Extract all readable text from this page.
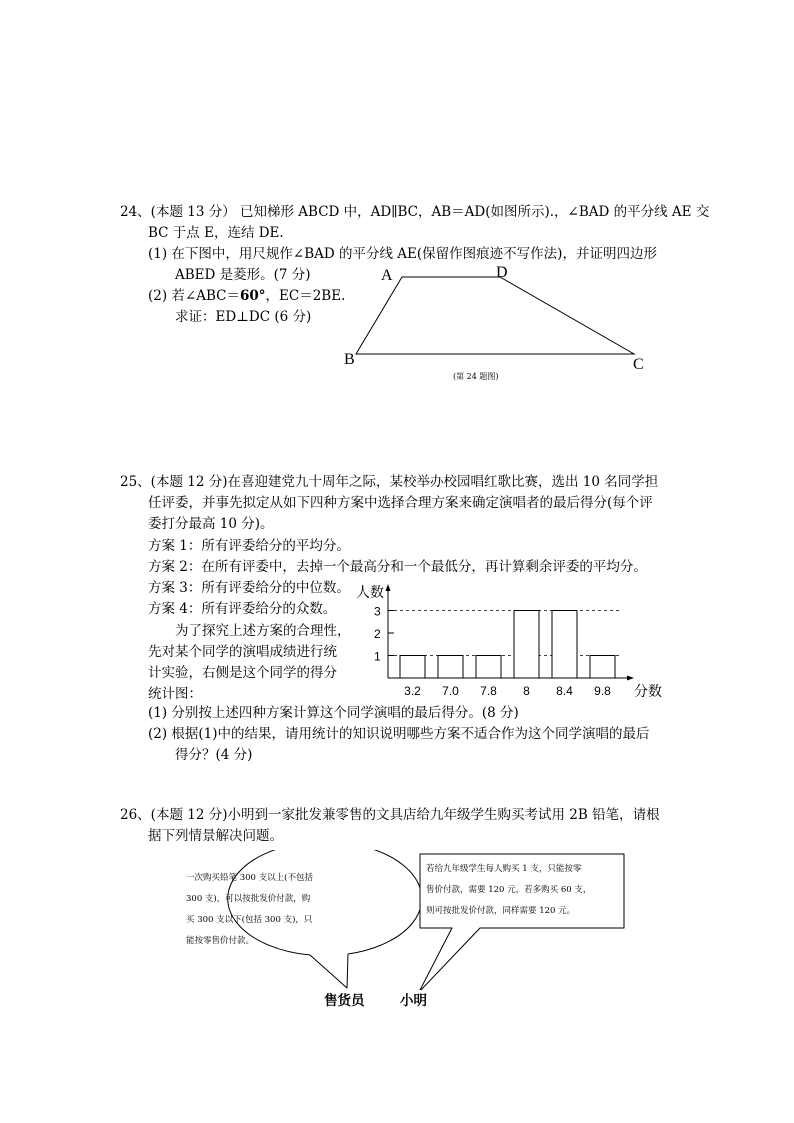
24、(本题 13 分） 已知梯形 ABCD 中，AD∥BC，AB＝AD(如图所示).，∠BAD 的平分线 AE 交
BC 于点 E，连结 DE.
(1) 在下图中，用尺规作∠BAD 的平分线 AE(保留作图痕迹不写作法)，并证明四边形
ABED 是菱形。(7 分)
(2) 若∠ABC＝60°，EC＝2BE.
求证：ED⊥DC (6 分)
A	D
B	C
(第 24 题图)
25、(本题 12 分)在喜迎建党九十周年之际，某校举办校园唱红歌比赛，选出 10 名同学担
任评委，并事先拟定从如下四种方案中选择合理方案来确定演唱者的最后得分(每个评
委打分最高 10 分)。
方案 1：所有评委给分的平均分。
方案 2：在所有评委中，去掉一个最高分和一个最低分，再计算剩余评委的平均分。
方案 3：所有评委给分的中位数。
方案 4：所有评委给分的众数。
为了探究上述方案的合理性，
先对某个同学的演唱成绩进行统
计实验，右侧是这个同学的得分
统计图：
(1) 分别按上述四种方案计算这个同学演唱的最后得分。(8 分)
(2) 根据(1)中的结果，请用统计的知识说明哪些方案不适合作为这个同学演唱的最后
得分？(4 分)
人数
分数
1
2
3
3.2 7.0 7.8 8 8.4 9.8
26、(本题 12 分)小明到一家批发兼零售的文具店给九年级学生购买考试用 2B 铅笔，请根
据下列情景解决问题。
一次购买铅笔 300 支以上(不包括
300 支)，可以按批发价付款，购
买 300 支以下(包括 300 支)，只
能按零售价付款。
若给九年级学生每人购买 1 支，只能按零
售价付款，需要 120 元，若多购买 60 支，
则可按批发价付款，同样需要 120 元。
售货员	小明
